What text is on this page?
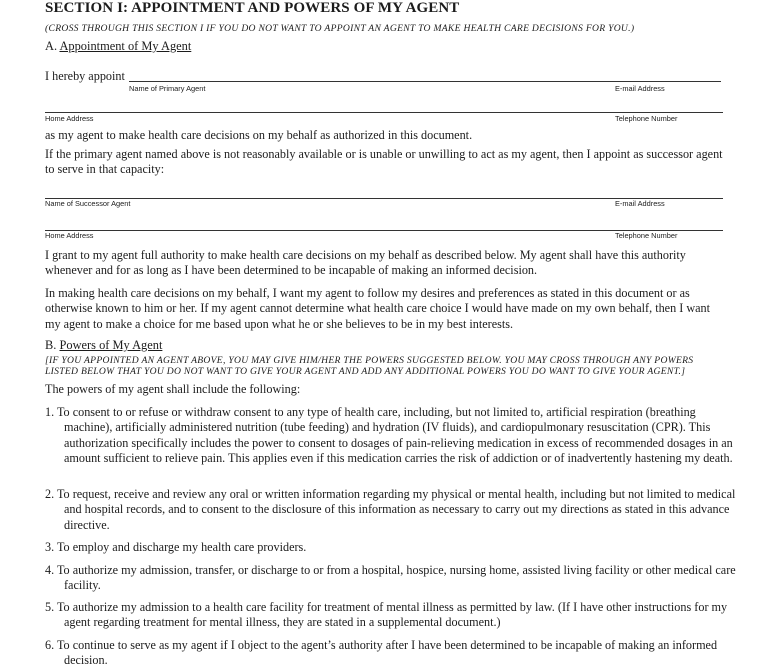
SECTION I: APPOINTMENT AND POWERS OF MY AGENT
(CROSS THROUGH THIS SECTION I IF YOU DO NOT WANT TO APPOINT AN AGENT TO MAKE HEALTH CARE DECISIONS FOR YOU.)
A. Appointment of My Agent
I hereby appoint
Name of Primary Agent	E-mail Address
Home Address	Telephone Number
as my agent to make health care decisions on my behalf as authorized in this document.
If the primary agent named above is not reasonably available or is unable or unwilling to act as my agent, then I appoint as successor agent to serve in that capacity:
Name of Successor Agent	E-mail Address
Home Address	Telephone Number
I grant to my agent full authority to make health care decisions on my behalf as described below. My agent shall have this authority whenever and for as long as I have been determined to be incapable of making an informed decision.
In making health care decisions on my behalf, I want my agent to follow my desires and preferences as stated in this document or as otherwise known to him or her. If my agent cannot determine what health care choice I would have made on my own behalf, then I want my agent to make a choice for me based upon what he or she believes to be in my best interests.
B. Powers of My Agent
[IF YOU APPOINTED AN AGENT ABOVE, YOU MAY GIVE HIM/HER THE POWERS SUGGESTED BELOW. YOU MAY CROSS THROUGH ANY POWERS LISTED BELOW THAT YOU DO NOT WANT TO GIVE YOUR AGENT AND ADD ANY ADDITIONAL POWERS YOU DO WANT TO GIVE YOUR AGENT.]
The powers of my agent shall include the following:
1. To consent to or refuse or withdraw consent to any type of health care, including, but not limited to, artificial respiration (breathing machine), artificially administered nutrition (tube feeding) and hydration (IV fluids), and cardiopulmonary resuscitation (CPR). This authorization specifically includes the power to consent to dosages of pain-relieving medication in excess of recommended dosages in an amount sufficient to relieve pain. This applies even if this medication carries the risk of addiction or of inadvertently hastening my death.
2. To request, receive and review any oral or written information regarding my physical or mental health, including but not limited to medical and hospital records, and to consent to the disclosure of this information as necessary to carry out my directions as stated in this advance directive.
3. To employ and discharge my health care providers.
4. To authorize my admission, transfer, or discharge to or from a hospital, hospice, nursing home, assisted living facility or other medical care facility.
5. To authorize my admission to a health care facility for treatment of mental illness as permitted by law. (If I have other instructions for my agent regarding treatment for mental illness, they are stated in a supplemental document.)
6. To continue to serve as my agent if I object to the agent’s authority after I have been determined to be incapable of making an informed decision.
